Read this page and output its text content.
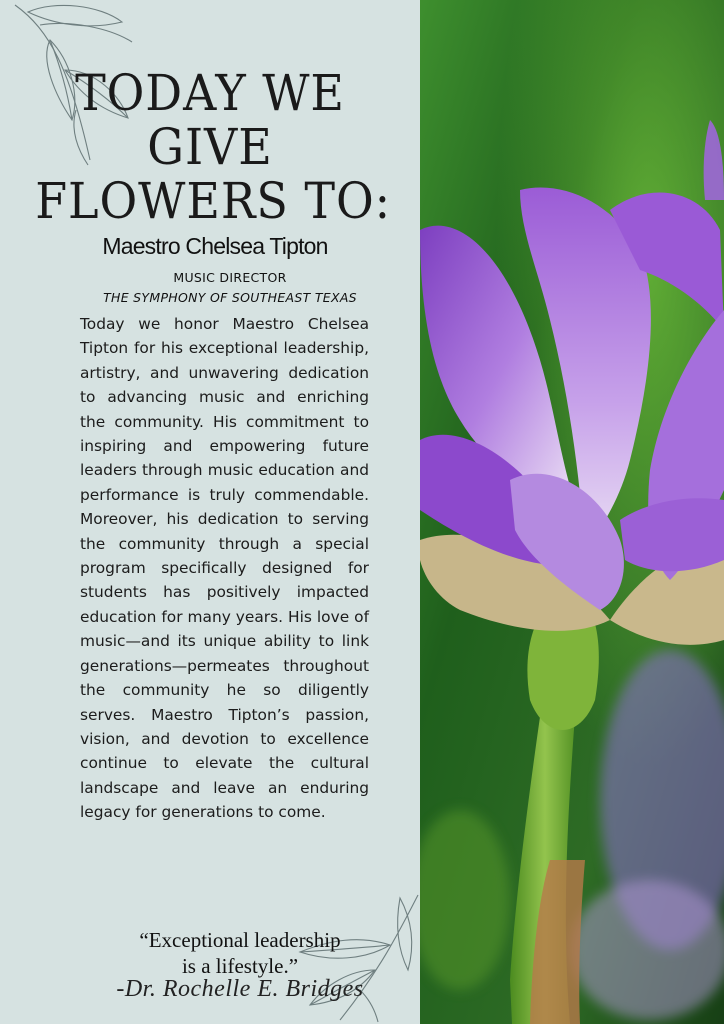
TODAY WE
GIVE
FLOWERS TO:
Maestro Chelsea Tipton
MUSIC DIRECTOR
THE SYMPHONY OF SOUTHEAST TEXAS

Today we honor Maestro Chelsea Tipton for his exceptional leadership, artistry, and unwavering dedication to advancing music and enriching the community. His commitment to inspiring and empowering future leaders through music education and performance is truly commendable. Moreover, his dedication to serving the community through a special program specifically designed for students has positively impacted education for many years. His love of music—and its unique ability to link generations—permeates throughout the community he so diligently serves. Maestro Tipton’s passion, vision, and devotion to excellence continue to elevate the cultural landscape and leave an enduring legacy for generations to come.

“Exceptional leadership
is a lifestyle.”

-Dr. Rochelle E. Bridges
